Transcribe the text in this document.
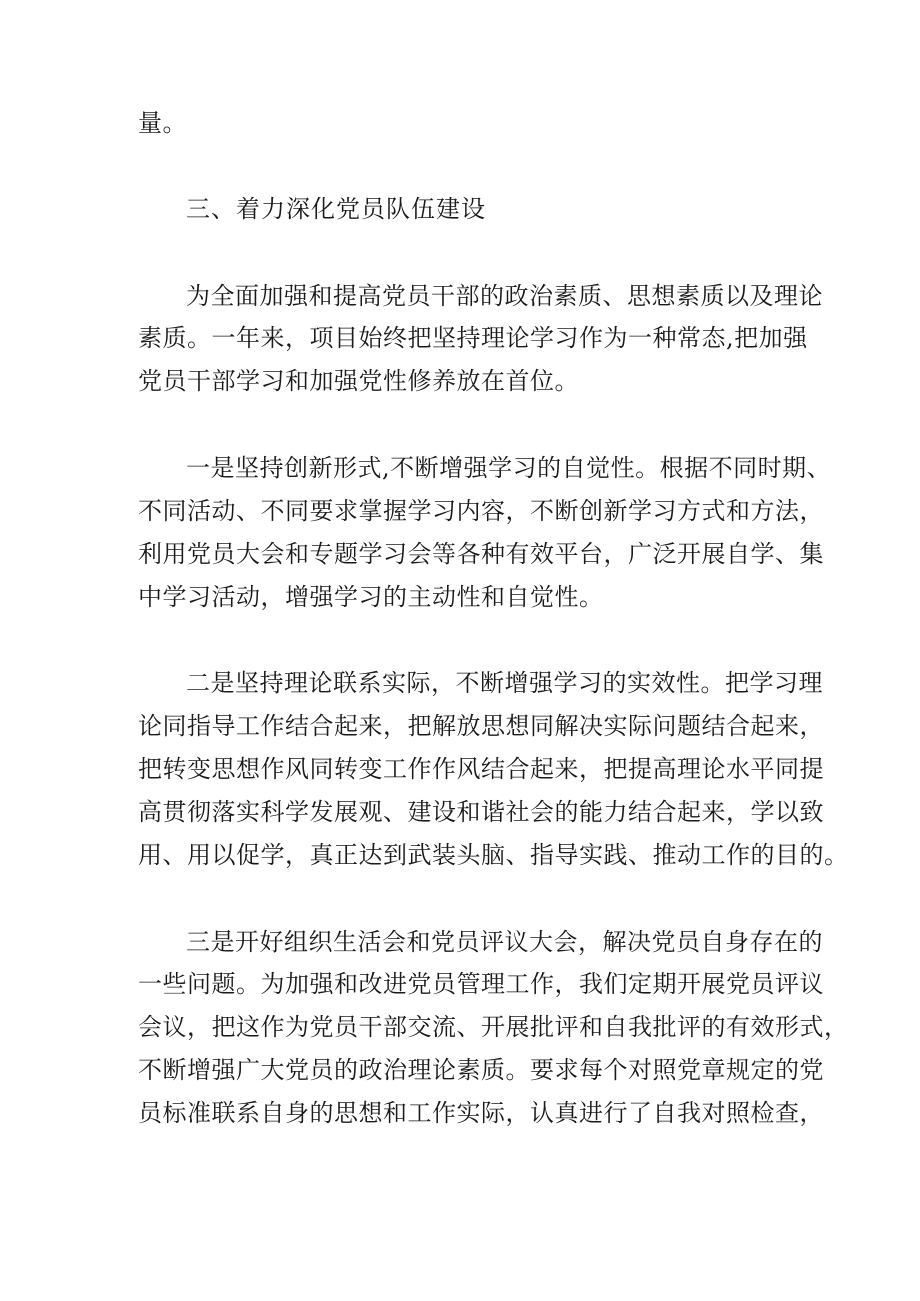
量。
三、着力深化党员队伍建设
为全面加强和提高党员干部的政治素质、思想素质以及理论
素质。一年来，项目始终把坚持理论学习作为一种常态,把加强
党员干部学习和加强党性修养放在首位。
一是坚持创新形式,不断增强学习的自觉性。根据不同时期、
不同活动、不同要求掌握学习内容，不断创新学习方式和方法，
利用党员大会和专题学习会等各种有效平台，广泛开展自学、集
中学习活动，增强学习的主动性和自觉性。
二是坚持理论联系实际，不断增强学习的实效性。把学习理
论同指导工作结合起来，把解放思想同解决实际问题结合起来，
把转变思想作风同转变工作作风结合起来，把提高理论水平同提
高贯彻落实科学发展观、建设和谐社会的能力结合起来，学以致
用、用以促学，真正达到武装头脑、指导实践、推动工作的目的。
三是开好组织生活会和党员评议大会，解决党员自身存在的
一些问题。为加强和改进党员管理工作，我们定期开展党员评议
会议，把这作为党员干部交流、开展批评和自我批评的有效形式，
不断增强广大党员的政治理论素质。要求每个对照党章规定的党
员标准联系自身的思想和工作实际，认真进行了自我对照检查，
